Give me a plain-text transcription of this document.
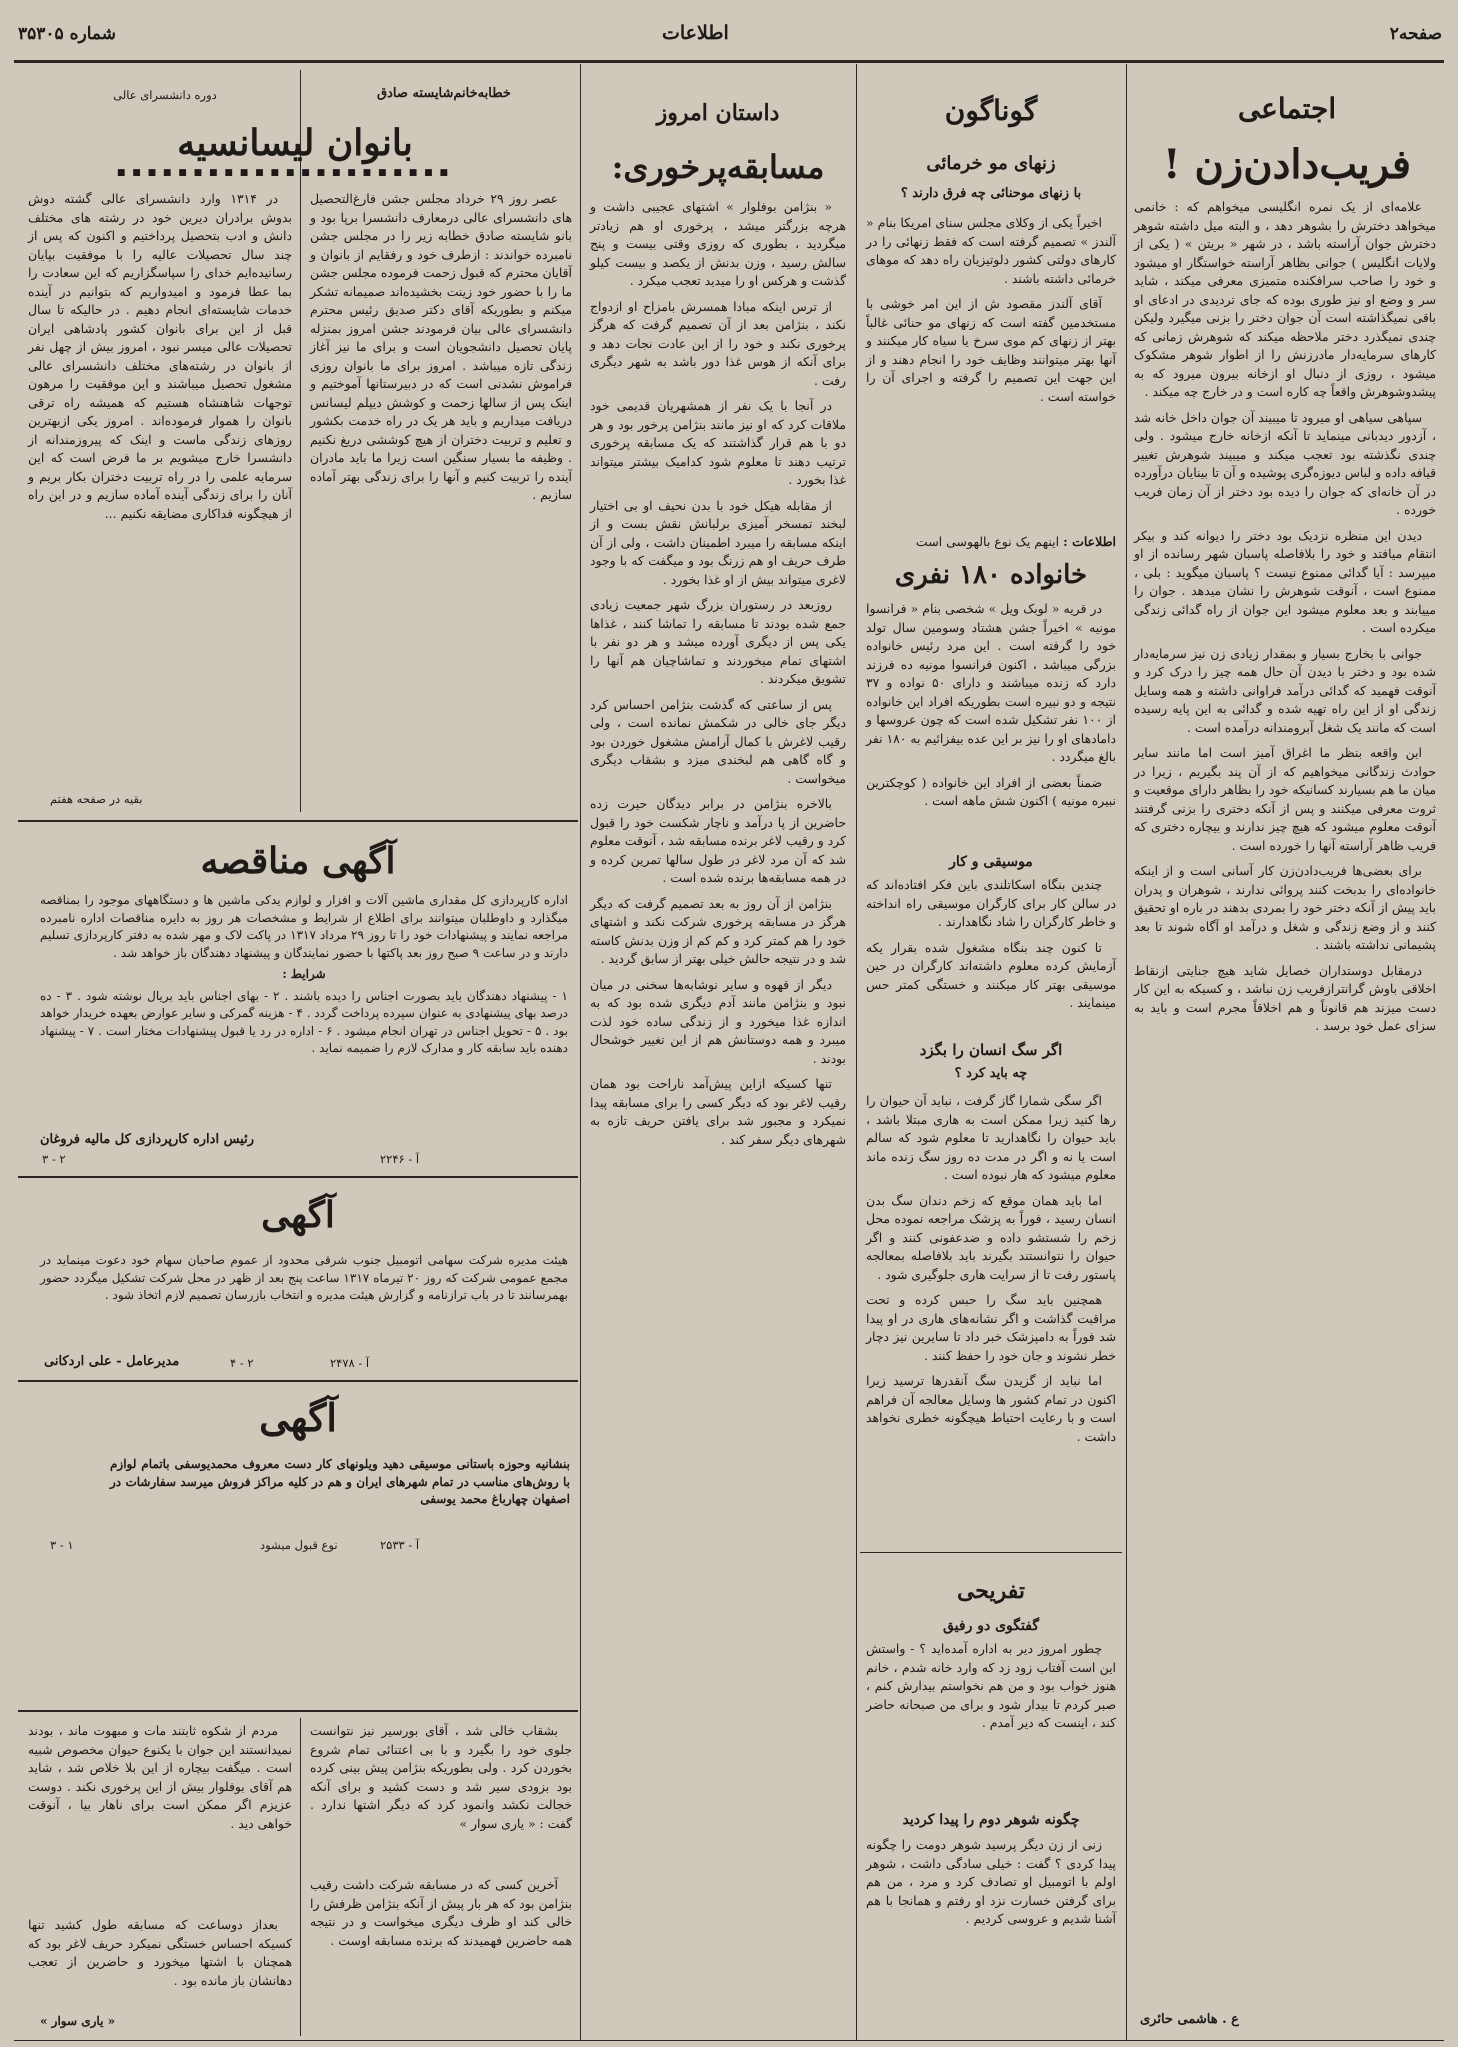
صفحه۲
اطلاعات
شماره ۳۵۳۰۵
اجتماعی
فریب‌دادن‌زن !

علامه‌ای از یک نمره انگلیسی میخواهم که : خانمی میخواهد دخترش را بشوهر دهد ، و البته میل داشته شوهر دخترش جوان آراسته باشد ، در شهر « بریتن » ( یکی از ولایات انگلیس ) جوانی بظاهر آراسته خواستگار او میشود و خود را صاحب سرافکنده متمیزی معرفی میکند ، شاید سر و وضع او نیز طوری بوده که جای تردیدی در ادعای او باقی نمیگذاشته است آن جوان دختر را بزنی میگیرد ولیکن چندی نمیگذرد دختر ملاحظه میکند که شوهرش زمانی که کارهای سرمایه‌دار مادرزنش را از اطوار شوهر مشکوک میشود ، روزی از دنبال او ازخانه بیرون میرود که به پیشدوشوهرش واقعاً چه کاره است و در خارج چه میکند .

سپاهی سیاهی او میرود تا میبیند آن جوان داخل خانه شد ، آزدور دیدبانی مینماید تا آنکه ازخانه خارج میشود . ولی چندی نگذشته بود تعجب میکند و میبیند شوهرش تغییر قیافه داده و لباس دیوزه‌گری پوشیده و آن تا بینایان درآورده در آن خانه‌ای که جوان را دیده بود دختر از آن زمان فریب خورده .

دیدن این منظره نزدیک بود دختر را دیوانه کند و بیکر انتقام میافتد و خود را بلافاصله پاسبان شهر رسانده از او میپرسد : آیا گدائی ممنوع نیست ؟ پاسبان میگوید : بلی ، ممنوع است ، آنوقت شوهرش را نشان میدهد . جوان را مییابند و بعد معلوم میشود این جوان از راه گدائی زندگی میکرده است .

جوانی با بخارج بسیار و بمقدار زیادی زن نیز سرمایه‌دار شده بود و دختر با دیدن آن حال همه چیز را درک کرد و آنوقت فهمید که گدائی درآمد فراوانی داشته و همه وسایل زندگی او از این راه تهیه شده و گدائی به این پایه رسیده است که مانند یک شغل آبرومندانه درآمده است .

این واقعه بنظر ما اغراق آمیز است اما مانند سایر حوادث زندگانی میخواهیم که از آن پند بگیریم ، زیرا در میان ما هم بسیارند کسانیکه خود را بظاهر دارای موقعیت و ثروت معرفی میکنند و پس از آنکه دختری را بزنی گرفتند آنوقت معلوم میشود که هیچ چیز ندارند و بیچاره دختری که فریب ظاهر آراسته آنها را خورده است .

برای بعضی‌ها فریب‌دادن‌زن کار آسانی است و از اینکه خانواده‌ای را بدبخت کنند پروائی ندارند ، شوهران و پدران باید پیش از آنکه دختر خود را بمردی بدهند در باره او تحقیق کنند و از وضع زندگی و شغل و درآمد او آگاه شوند تا بعد پشیمانی نداشته باشند .

درمقابل دوستداران خصایل شاید هیچ جنایتی ازنقاط اخلاقی باوش گرانترازفریب زن نباشد ، و کسیکه به این کار دست میزند هم قانوناً و هم اخلاقاً مجرم است و باید به سزای عمل خود برسد .

ع . هاشمی حائری
گوناگون
زنهای مو خرمائی
با زنهای موحنائی چه فرق دارند ؟

اخیراً یکی از وکلای مجلس سنای امریکا بنام « آلندز » تصمیم گرفته است که فقط زنهائی را در کارهای دولتی کشور دلوتیزیان راه دهد که موهای خرمائی داشته باشند .

آقای آلندز مقصود ش از این امر خوشی با مستخدمین گفته است که زنهای مو حنائی غالباً بهتر از زنهای کم موی سرخ یا سیاه کار میکنند و آنها بهتر میتوانند وظایف خود را انجام دهند و از این جهت این تصمیم را گرفته و اجرای آن را خواسته است .

اطلاعات : اینهم یک نوع بالهوسی است
خانواده ۱۸۰ نفری

در قریه « لوبک ویل » شخصی بنام « فرانسوا مونیه » اخیراً جشن هشتاد وسومین سال تولد خود را گرفته است . این مرد رئیس خانواده بزرگی میباشد ، اکنون فرانسوا مونیه ده فرزند دارد که زنده میباشند و دارای ۵۰ نواده و ۳۷ نتیجه و دو نبیره است بطوریکه افراد این خانواده از ۱۰۰ نفر تشکیل شده است که چون عروسها و دامادهای او را نیز بر این عده بیفزائیم به ۱۸۰ نفر بالغ میگردد .

ضمناً بعضی از افراد این خانواده ( کوچکترین نبیره مونیه ) اکنون شش ماهه است .

موسیقی و کار

چندین بنگاه اسکاتلندی باین فکر افتاده‌اند که در سالن کار برای کارگران موسیقی راه انداخته و خاطر کارگران را شاد نگاهدارند .

تا کنون چند بنگاه مشغول شده بقرار یکه آزمایش کرده معلوم داشته‌اند کارگران در حین موسیقی بهتر کار میکنند و خستگی کمتر حس مینمایند .

اگر سگ انسان را بگزد
چه باید کرد ؟

اگر سگی شمارا گاز گرفت ، نباید آن حیوان را رها کنید زیرا ممکن است به هاری مبتلا باشد ، باید حیوان را نگاهدارید تا معلوم شود که سالم است یا نه و اگر در مدت ده روز سگ زنده ماند معلوم میشود که هار نبوده است .

اما باید همان موقع که زخم دندان سگ بدن انسان رسید ، فوراً به پزشک مراجعه نموده محل زخم را شستشو داده و ضدعفونی کنند و اگر حیوان را نتوانستند بگیرند باید بلافاصله بمعالجه پاستور رفت تا از سرایت هاری جلوگیری شود .

همچنین باید سگ را حبس کرده و تحت مراقبت گذاشت و اگر نشانه‌های هاری در او پیدا شد فوراً به دامپزشک خبر داد تا سایرین نیز دچار خطر نشوند و جان خود را حفظ کنند .

اما نباید از گزیدن سگ آنقدرها ترسید زیرا اکنون در تمام کشور ها وسایل معالجه آن فراهم است و با رعایت احتیاط هیچگونه خطری نخواهد داشت .

تفریحی
گفتگوی دو رفیق

چطور امروز دیر به اداره آمده‌اید ؟ - واستش این است آفتاب زود زد که وارد خانه شدم ، خانم هنوز خواب بود و من هم نخواستم بیدارش کنم ، صبر کردم تا بیدار شود و برای من صبحانه حاضر کند ، اینست که دیر آمدم .

چگونه شوهر دوم را پیدا کردید

زنی از زن دیگر پرسید شوهر دومت را چگونه پیدا کردی ؟ گفت : خیلی سادگی داشت ، شوهر اولم با اتومبیل او تصادف کرد و مرد ، من هم برای گرفتن خسارت نزد او رفتم و همانجا با هم آشنا شدیم و عروسی کردیم .

داستان امروز
مسابقه‌پرخوری:

« بنژامن بوفلوار » اشتهای عجیبی داشت و هرچه بزرگتر میشد ، پرخوری او هم زیادتر میگردید ، بطوری که روزی وقتی بیست و پنج سالش رسید ، وزن بدنش از یکصد و بیست کیلو گذشت و هرکس او را میدید تعجب میکرد .

از ترس اینکه مبادا همسرش بامزاح او ازدواج نکند ، بنژامن بعد از آن تصمیم گرفت که هرگز پرخوری نکند و خود را از این عادت نجات دهد و برای آنکه از هوس غذا دور باشد به شهر دیگری رفت .

در آنجا با یک نفر از همشهریان قدیمی خود ملاقات کرد که او نیز مانند بنژامن پرخور بود و هر دو با هم قرار گذاشتند که یک مسابقه پرخوری ترتیب دهند تا معلوم شود کدامیک بیشتر میتواند غذا بخورد .

از مقابله هیکل خود با بدن نحیف او بی اختیار لبخند تمسخر آمیزی برلبانش نقش بست و از اینکه مسابقه را میبرد اطمینان داشت ، ولی از آن طرف حریف او هم زرنگ بود و میگفت که با وجود لاغری میتواند بیش از او غذا بخورد .

روزبعد در رستوران بزرگ شهر جمعیت زیادی جمع شده بودند تا مسابقه را تماشا کنند ، غذاها یکی پس از دیگری آورده میشد و هر دو نفر با اشتهای تمام میخوردند و تماشاچیان هم آنها را تشویق میکردند .

پس از ساعتی که گذشت بنژامن احساس کرد دیگر جای خالی در شکمش نمانده است ، ولی رقیب لاغرش با کمال آرامش مشغول خوردن بود و گاه گاهی هم لبخندی میزد و بشقاب دیگری میخواست .

بالاخره بنژامن در برابر دیدگان حیرت زده حاضرین از پا درآمد و ناچار شکست خود را قبول کرد و رقیب لاغر برنده مسابقه شد ، آنوقت معلوم شد که آن مرد لاغر در طول سالها تمرین کرده و در همه مسابقه‌ها برنده شده است .

بنژامن از آن روز به بعد تصمیم گرفت که دیگر هرگز در مسابقه پرخوری شرکت نکند و اشتهای خود را هم کمتر کرد و کم کم از وزن بدنش کاسته شد و در نتیجه حالش خیلی بهتر از سابق گردید .

دیگر از قهوه و سایر نوشابه‌ها سخنی در میان نبود و بنژامن مانند آدم دیگری شده بود که به اندازه غذا میخورد و از زندگی ساده خود لذت میبرد و همه دوستانش هم از این تغییر خوشحال بودند .

تنها کسیکه ازاین پیش‌آمد ناراحت بود همان رقیب لاغر بود که دیگر کسی را برای مسابقه پیدا نمیکرد و مجبور شد برای یافتن حریف تازه به شهرهای دیگر سفر کند .

خطابه‌خانم‌شایسته صادق
دوره دانشسرای عالی
بانوان لیسانسیه
■ ■ ■ ■ ■ ■ ■ ■ ■ ■ ■ ■ ■ ■ ■ ■ ■ ■ ■ ■ ■ ■

عصر روز ۲۹ خرداد مجلس جشن فارغ‌التحصیل های دانشسرای عالی درمعارف دانشسرا برپا بود و بانو شایسته صادق خطابه زیر را در مجلس جشن نامبرده خواندند : ازطرف خود و رفقایم از بانوان و آقایان محترم که قبول زحمت فرموده مجلس جشن ما را با حضور خود زینت بخشیده‌اند صمیمانه تشکر میکنم و بطوریکه آقای دکتر صدیق رئیس محترم دانشسرای عالی بیان فرمودند جشن امروز بمنزله پایان تحصیل دانشجویان است و برای ما نیز آغاز زندگی تازه میباشد . امروز برای ما بانوان روزی فراموش نشدنی است که در دبیرستانها آموختیم و اینک پس از سالها زحمت و کوشش دیپلم لیسانس دریافت میداریم و باید هر یک در راه خدمت بکشور و تعلیم و تربیت دختران از هیچ کوششی دریغ نکنیم . وظیفه ما بسیار سنگین است زیرا ما باید مادران آینده را تربیت کنیم و آنها را برای زندگی بهتر آماده سازیم .

در ۱۳۱۴ وارد دانشسرای عالی گشته دوش بدوش برادران دیرین خود در رشته های مختلف دانش و ادب بتحصیل پرداختیم و اکنون که پس از چند سال تحصیلات عالیه را با موفقیت بپایان رسانیده‌ایم خدای را سپاسگزاریم که این سعادت را بما عطا فرمود و امیدواریم که بتوانیم در آینده خدمات شایسته‌ای انجام دهیم . در حالیکه تا سال قبل از این برای بانوان کشور پادشاهی ایران تحصیلات عالی میسر نبود ، امروز بیش از چهل نفر از بانوان در رشته‌های مختلف دانشسرای عالی مشغول تحصیل میباشند و این موفقیت را مرهون توجهات شاهنشاه هستیم که همیشه راه ترقی بانوان را هموار فرموده‌اند . امروز یکی ازبهترین روزهای زندگی ماست و اینک که پیروزمندانه از دانشسرا خارج میشویم بر ما فرض است که این سرمایه علمی را در راه تربیت دختران بکار بریم و آنان را برای زندگی آینده آماده سازیم و در این راه از هیچگونه فداکاری مضایقه نکنیم ...

بقیه در صفحه هفتم
آگهی مناقصه

اداره کارپردازی کل مقداری ماشین آلات و افزار و لوازم یدکی ماشین ها و دستگاههای موجود را بمناقصه میگذارد و داوطلبان میتوانند برای اطلاع از شرایط و مشخصات هر روز به دایره مناقصات اداره نامبرده مراجعه نمایند و پیشنهادات خود را تا روز ۲۹ مرداد ۱۳۱۷ در پاکت لاک و مهر شده به دفتر کارپردازی تسلیم دارند و در ساعت ۹ صبح روز بعد پاکتها با حضور نمایندگان و پیشنهاد دهندگان باز خواهد شد .

شرایط :

۱ - پیشنهاد دهندگان باید بصورت اجناس را دیده باشند . ۲ - بهای اجناس باید بریال نوشته شود . ۳ - ده درصد بهای پیشنهادی به عنوان سپرده پرداخت گردد . ۴ - هزینه گمرکی و سایر عوارض بعهده خریدار خواهد بود . ۵ - تحویل اجناس در تهران انجام میشود . ۶ - اداره در رد یا قبول پیشنهادات مختار است . ۷ - پیشنهاد دهنده باید سابقه کار و مدارک لازم را ضمیمه نماید .

رئیس اداره کارپردازی کل مالیه فروغان
آ - ۲۲۴۶
۲ - ۳
آگهی

هیئت مدیره شرکت سهامی اتومبیل جنوب شرقی محدود از عموم صاحبان سهام خود دعوت مینماید در مجمع عمومی شرکت که روز ۲۰ تیرماه ۱۳۱۷ ساعت پنج بعد از ظهر در محل شرکت تشکیل میگردد حضور بهمرسانند تا در باب ترازنامه و گزارش هیئت مدیره و انتخاب بازرسان تصمیم لازم اتخاذ شود .

مدیرعامل - علی اردکانی	آ - ۲۴۷۸
۲ - ۴
آگهی

بنشانیه وحوزه باستانی موسیقی دهید ویلونهای کار دست معروف محمدیوسفی باتمام لوازم با روش‌های مناسب در تمام شهرهای ایران و هم در کلیه مراکز فروش میرسد سفارشات در اصفهان چهارباغ محمد یوسفی

نوع قبول میشود	آ - ۲۵۳۳
۱ - ۳

بشقاب خالی شد ، آقای بورسیر نیز نتوانست جلوی خود را بگیرد و با بی اعتنائی تمام شروع بخوردن کرد . ولی بطوریکه بنژامن پیش بینی کرده بود بزودی سیر شد و دست کشید و برای آنکه خجالت نکشد وانمود کرد که دیگر اشتها ندارد . گفت : « یاری سوار »

آخرین کسی که در مسابقه شرکت داشت رقیب بنژامن بود که هر بار پیش از آنکه بنژامن ظرفش را خالی کند او ظرف دیگری میخواست و در نتیجه همه حاضرین فهمیدند که برنده مسابقه اوست .

مردم از شکوه ثابتند مات و مبهوت ماند ، بودند نمیدانستند این جوان با یکنوع حیوان مخصوص شبیه است . میگفت بیچاره از این بلا خلاص شد ، شاید هم آقای بوفلوار بیش از این پرخوری نکند . دوست عزیزم اگر ممکن است برای ناهار بیا ، آنوقت خواهی دید .

بعداز دوساعت که مسابقه طول کشید تنها کسیکه احساس خستگی نمیکرد حریف لاغر بود که همچنان با اشتها میخورد و حاضرین از تعجب دهانشان باز مانده بود .

« یاری سوار »
